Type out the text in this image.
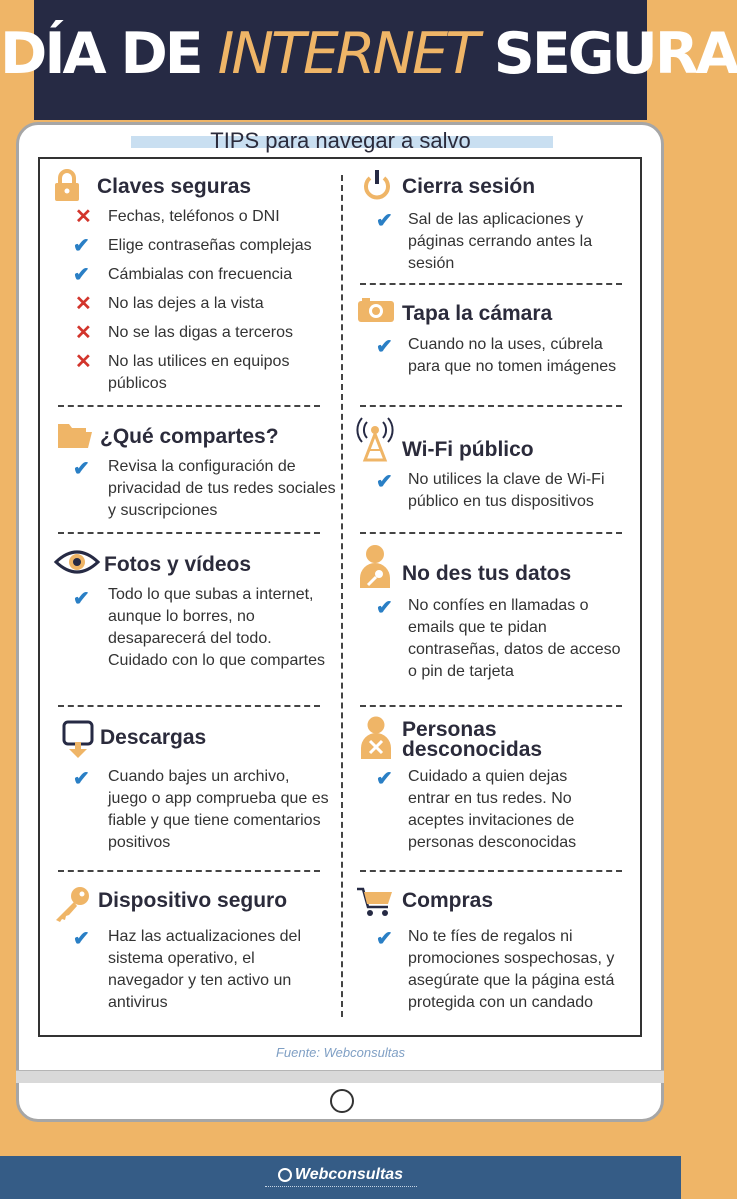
DÍA DE INTERNET SEGURA
TIPS para navegar a salvo
Claves seguras
✕ Fechas, teléfonos o DNI
✔ Elige contraseñas complejas
✔ Cámbialas con frecuencia
✕ No las dejes a la vista
✕ No se las digas a terceros
✕ No las utilices en equipos públicos
¿Qué compartes?
✔ Revisa la configuración de privacidad de tus redes sociales y suscripciones
Fotos y vídeos
✔ Todo lo que subas a internet, aunque lo borres, no desaparecerá del todo. Cuidado con lo que compartes
Descargas
✔ Cuando bajes un archivo, juego o app comprueba que es fiable y que tiene comentarios positivos
Dispositivo seguro
✔ Haz las actualizaciones del sistema operativo, el navegador y ten activo un antivirus
Cierra sesión
✔ Sal de las aplicaciones y páginas cerrando antes la sesión
Tapa la cámara
✔ Cuando no la uses, cúbrela para que no tomen imágenes
Wi-Fi público
✔ No utilices la clave de Wi-Fi público en tus dispositivos
No des tus datos
✔ No confíes en llamadas o emails que te pidan contraseñas, datos de acceso o pin de tarjeta
Personas desconocidas
✔ Cuidado a quien dejas entrar en tus redes. No aceptes invitaciones de personas desconocidas
Compras
✔ No te fíes de regalos ni promociones sospechosas, y asegúrate que la página está protegida con un candado
Fuente: Webconsultas
Webconsultas
